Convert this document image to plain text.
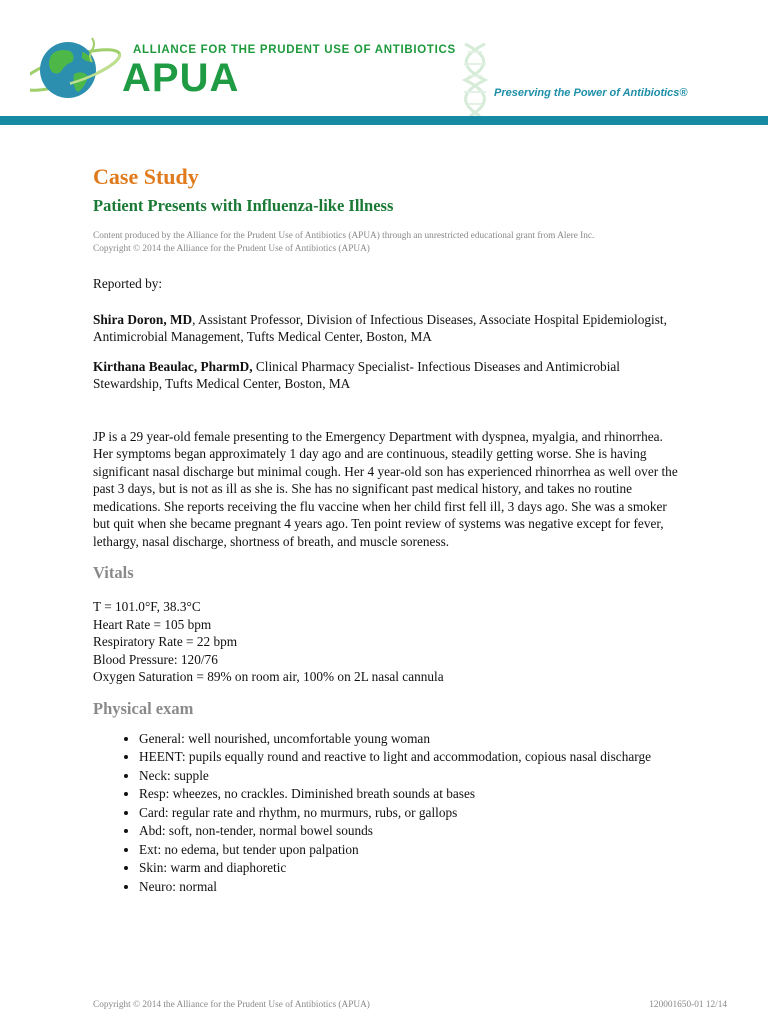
ALLIANCE FOR THE PRUDENT USE OF ANTIBIOTICS
APUA	Preserving the Power of Antibiotics®
Case Study
Patient Presents with Influenza-like Illness
Content produced by the Alliance for the Prudent Use of Antibiotics (APUA) through an unrestricted educational grant from Alere Inc.
Copyright © 2014 the Alliance for the Prudent Use of Antibiotics (APUA)

Reported by:

Shira Doron, MD, Assistant Professor, Division of Infectious Diseases, Associate Hospital Epidemiologist, Antimicrobial Management, Tufts Medical Center, Boston, MA

Kirthana Beaulac, PharmD, Clinical Pharmacy Specialist- Infectious Diseases and Antimicrobial Stewardship, Tufts Medical Center, Boston, MA

JP is a 29 year-old female presenting to the Emergency Department with dyspnea, myalgia, and rhinorrhea. Her symptoms began approximately 1 day ago and are continuous, steadily getting worse. She is having significant nasal discharge but minimal cough. Her 4 year-old son has experienced rhinorrhea as well over the past 3 days, but is not as ill as she is. She has no significant past medical history, and takes no routine medications. She reports receiving the flu vaccine when her child first fell ill, 3 days ago. She was a smoker but quit when she became pregnant 4 years ago. Ten point review of systems was negative except for fever, lethargy, nasal discharge, shortness of breath, and muscle soreness.

Vitals

T = 101.0°F, 38.3°C

Heart Rate = 105 bpm

Respiratory Rate = 22 bpm

Blood Pressure: 120/76

Oxygen Saturation = 89% on room air, 100% on 2L nasal cannula

Physical exam
• General: well nourished, uncomfortable young woman
• HEENT: pupils equally round and reactive to light and accommodation, copious nasal discharge
• Neck: supple
• Resp: wheezes, no crackles. Diminished breath sounds at bases
• Card: regular rate and rhythm, no murmurs, rubs, or gallops
• Abd: soft, non-tender, normal bowel sounds
• Ext: no edema, but tender upon palpation
• Skin: warm and diaphoretic
• Neuro: normal
Copyright © 2014 the Alliance for the Prudent Use of Antibiotics (APUA)	120001650-01 12/14
